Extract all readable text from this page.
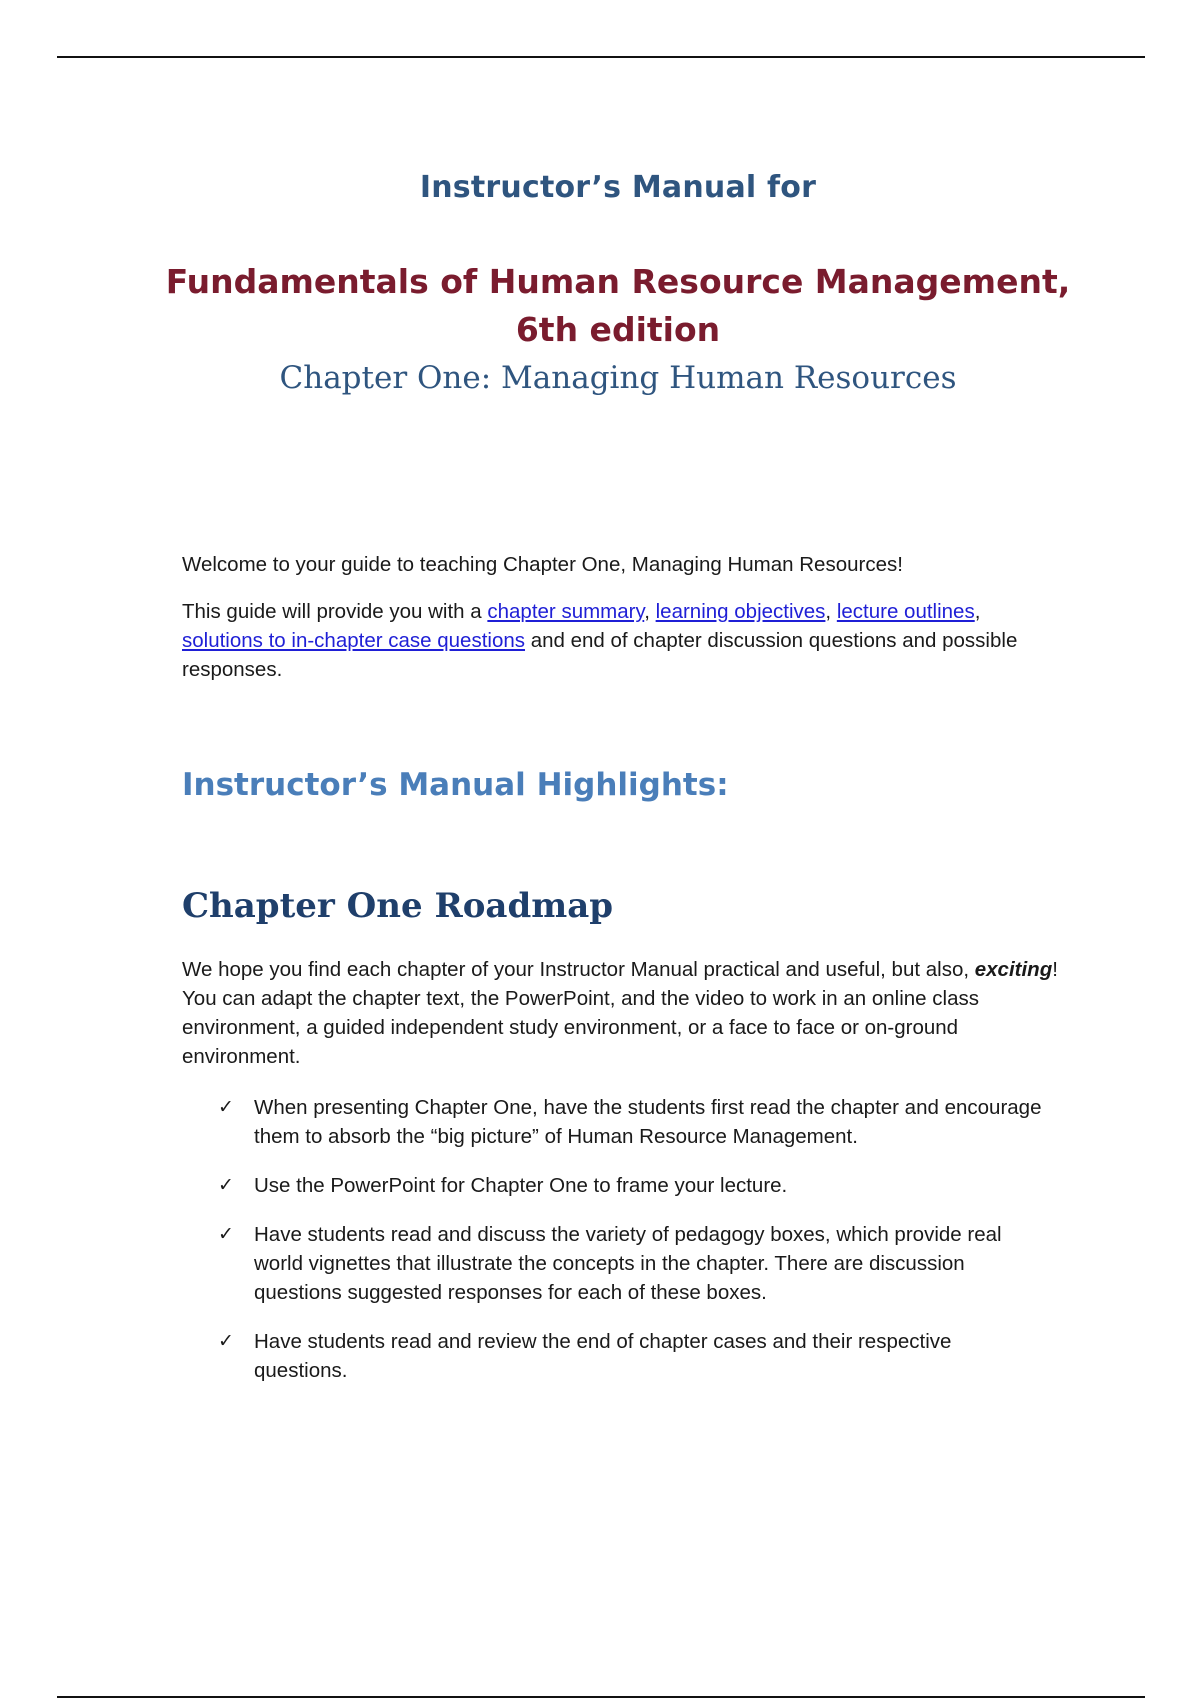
Instructor’s Manual for
Fundamentals of Human Resource Management,
6th edition
Chapter One: Managing Human Resources

Welcome to your guide to teaching Chapter One, Managing Human Resources!

This guide will provide you with a chapter summary, learning objectives, lecture outlines, solutions to in-chapter case questions and end of chapter discussion questions and possible responses.

Instructor’s Manual Highlights:
Chapter One Roadmap

We hope you find each chapter of your Instructor Manual practical and useful, but also, exciting! You can adapt the chapter text, the PowerPoint, and the video to work in an online class environment, a guided independent study environment, or a face to face or on-ground environment.

✓ When presenting Chapter One, have the students first read the chapter and encourage them to absorb the “big picture” of Human Resource Management.
✓ Use the PowerPoint for Chapter One to frame your lecture.
✓ Have students read and discuss the variety of pedagogy boxes, which provide real world vignettes that illustrate the concepts in the chapter. There are discussion questions suggested responses for each of these boxes.
✓ Have students read and review the end of chapter cases and their respective questions.
